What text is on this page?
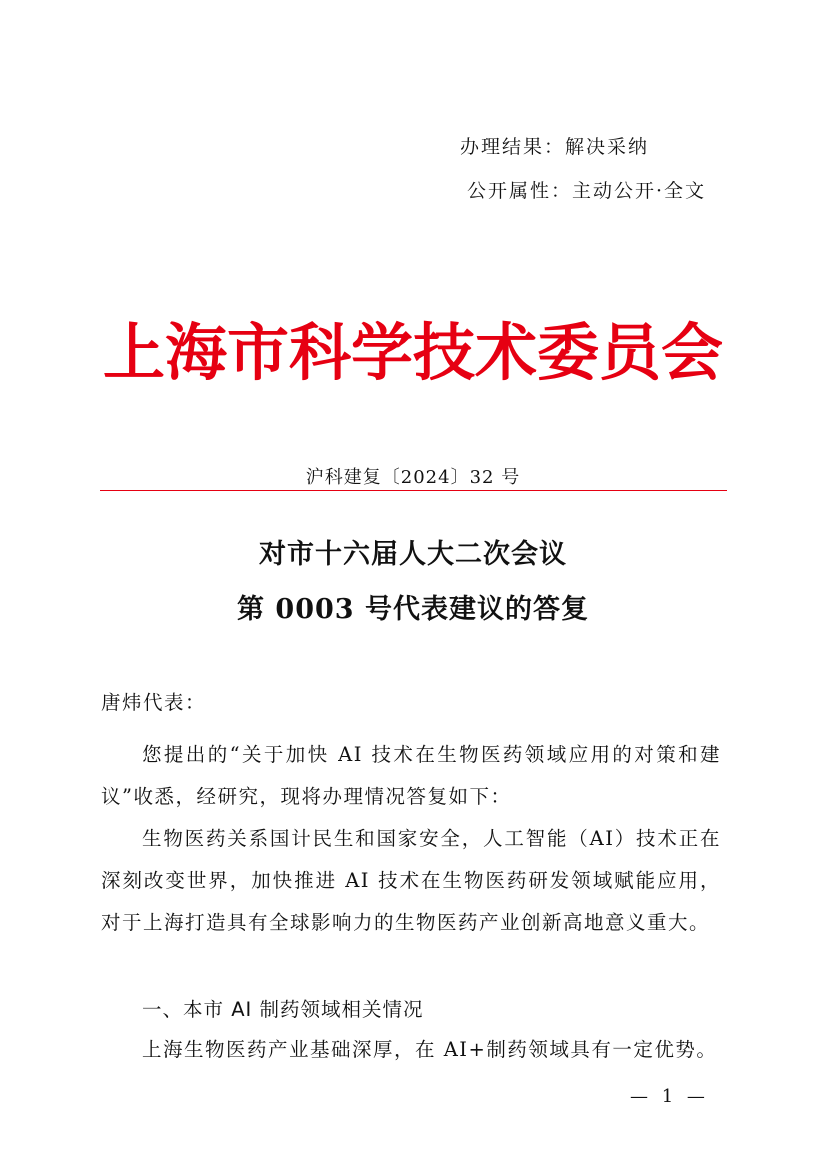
办理结果：解决采纳
公开属性：主动公开·全文
上海市科学技术委员会
沪科建复〔2024〕32 号
对市十六届人大二次会议
第 0003 号代表建议的答复
唐炜代表：

您提出的“关于加快 AI 技术在生物医药领域应用的对策和建议”收悉，经研究，现将办理情况答复如下：

生物医药关系国计民生和国家安全，人工智能（AI）技术正在深刻改变世界，加快推进 AI 技术在生物医药研发领域赋能应用，对于上海打造具有全球影响力的生物医药产业创新高地意义重大。

一、本市 AI 制药领域相关情况

上海生物医药产业基础深厚，在 AI+制药领域具有一定优势。

— 1 —
